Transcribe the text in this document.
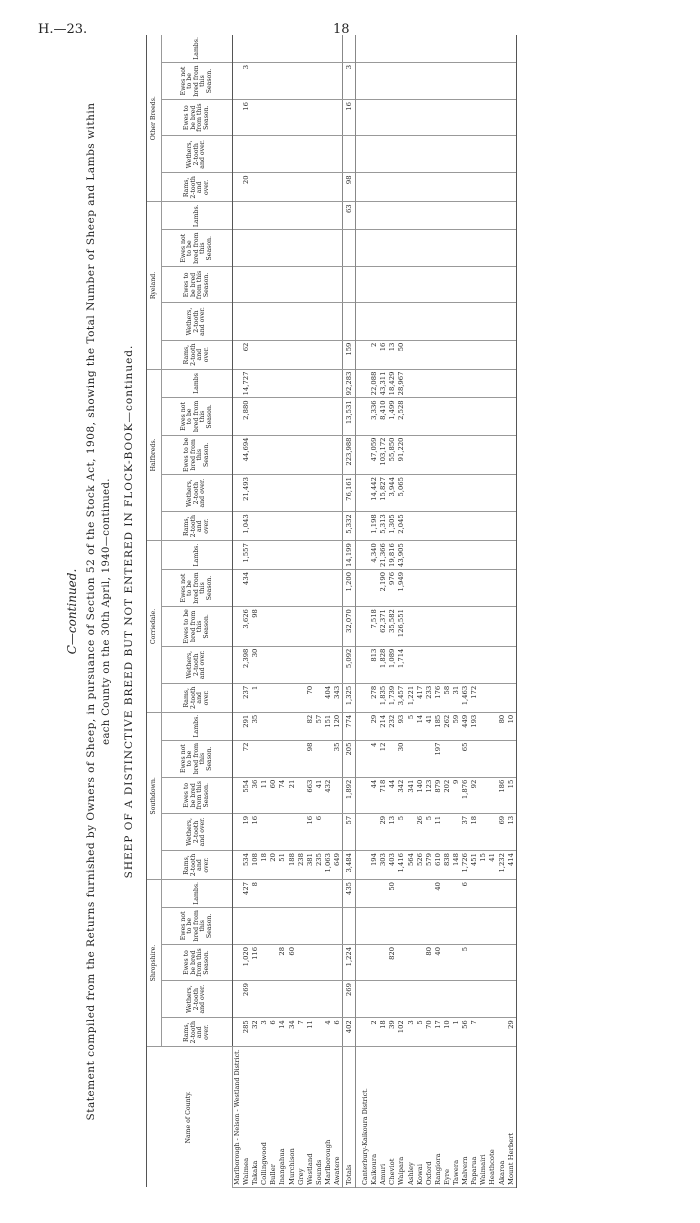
H.—23.	18
C—continued. Statement compiled from the Returns furnished by Owners of Sheep, in pursuance of Section 52 of the Stock Act, 1908, showing the Total Number of Sheep and Lambs within each County on the 30th April, 1940—continued. SHEEP OF A DISTINCTIVE BREED BUT NOT ENTERED IN FLOCK-BOOK—continued.
Name of County.	Shropshire.					Southdown.					Corriedale.					Halfbreds.					Ryeland.					Other Breeds.				
	Rams, 2-tooth and over.	Wethers, 2-tooth and over.	Ewes to be bred from this Season.	Ewes not to be bred from this Season.	Lambs.	Rams, 2-tooth and over.	Wethers, 2-tooth and over.	Ewes to be bred from this Season.	Ewes not to be bred from this Season.	Lambs.	Rams, 2-tooth and over.	Wethers, 2-tooth and over.	Ewes to be bred from this Season.	Ewes not to be bred from this Season.	Lambs.	Rams, 2-tooth and over.	Wethers, 2-tooth and over.	Ewes to be bred from this Season.	Ewes not to be bred from this Season.	Lambs	Rams, 2-tooth and over.	Wethers, 2-tooth and over.	Ewes to be bred from this Season.	Ewes not to be bred from this Season.	Lambs.	Rams, 2-tooth and over.	Wethers, 2-tooth and over.	Ewes to be bred from this Season.	Ewes not to be bred from this Season.	Lambs.
Marlborough - Nelson - Westland District.																														
Waimea	285	269	1,020		427	534	19	554	72	291	237	2,398	3,626	434	1,557	1,043	21,493	44,694	2,880	14,727	62					20		16	3	
Takaka	32		116		8	108	16	36		35	1	30	98																	
Collingwood	3					18		11																						
Buller	6					20		60																						
Inangahua	14		28			51		74																						
Murchison	34		60			188		21																						
Grey	7					238																								
Westland	11					381	16	663	98	82	70																			
Sounds						235	6	41		57																				
Marlborough	4					1,063		432		151	404																			
Awatere	6					649			35	120	343																			
Totals	402	269	1,224		435	3,484	57	1,892	205	774	1,325	5,092	32,070	1,200	14,199	5,332	76,161	223,988	13,531	92,283	159				63	98		16	3	

Canterbury-Kaikoura District.																														
Kaikoura	2					194		44	4	29	278	813	7,518		4,340	1,198	14,442	47,059	3,336	22,088	2									
Amuri	18					303	29	718	12	214	1,835	1,828	62,371	2,190	21,366	5,313	15,827	103,172	8,410	43,311	16									
Cheviot	39		820		50	403	13	44		232	1,739	1,089	35,582	976	19,816	1,305	3,944	55,850	1,499	18,429	13									
Waipara	102					1,416	5	342	30	93	3,457	1,714	126,551	1,949	43,905	2,045	5,065	91,220	2,528	28,967	50									
Ashley	3					564		341		5	1,221																			
Kowai	5					526	26	140		14	417																			
Oxford	70		80			579	5	123		41	233																			
Rangiora	17		40		40	610	11	879	197	185	176																			
Eyre	10					838		202		262	58																			
Tawera	1					148		9		59	31																			
Malvern	56		5		6	1,726	37	1,876	65	449	1,463																			
Paparua	7					451	18	92		193	172																			
Waimairi						15																								
Heathcote						41																								
Akaroa						1,232	69	186		80																				
Mount Herbert	29					414	13	15		10																				
